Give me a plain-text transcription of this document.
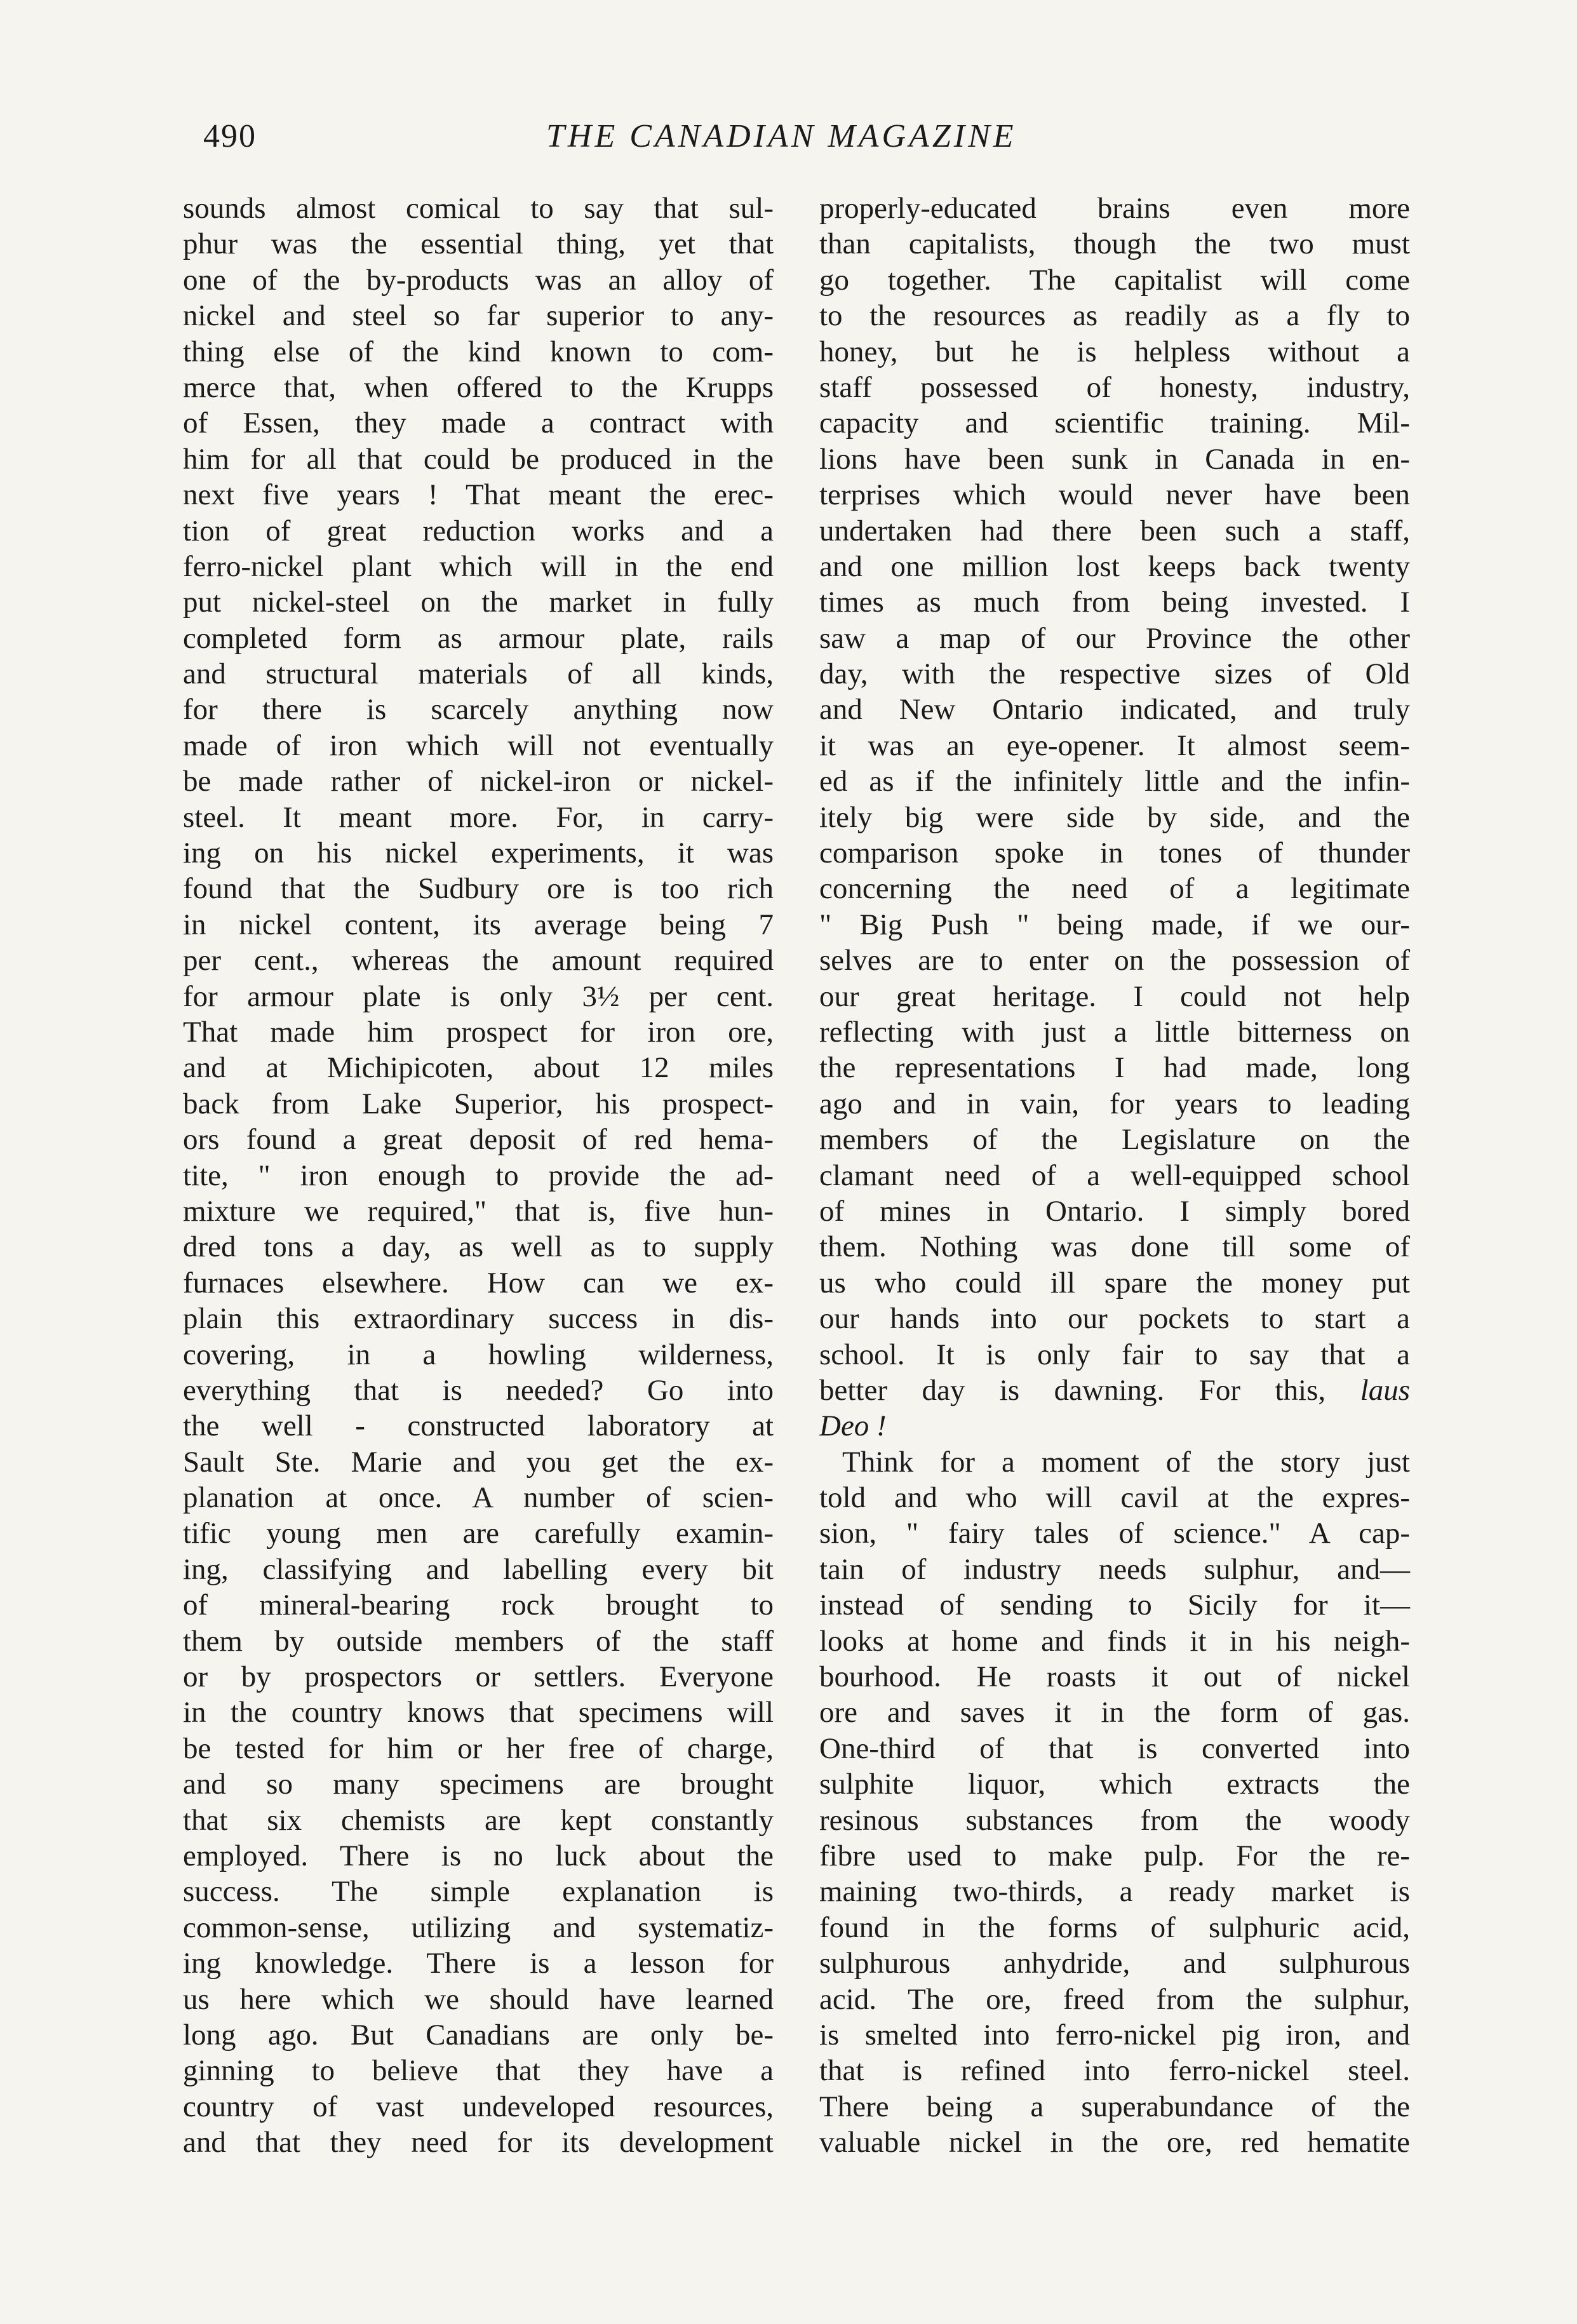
490	THE CANADIAN MAGAZINE
sounds almost comical to say that sul-
phur was the essential thing, yet that
one of the by-products was an alloy of
nickel and steel so far superior to any-
thing else of the kind known to com-
merce that, when offered to the Krupps
of Essen, they made a contract with
him for all that could be produced in the
next five years ! That meant the erec-
tion of great reduction works and a
ferro-nickel plant which will in the end
put nickel-steel on the market in fully
completed form as armour plate, rails
and structural materials of all kinds,
for there is scarcely anything now
made of iron which will not eventually
be made rather of nickel-iron or nickel-
steel. It meant more. For, in carry-
ing on his nickel experiments, it was
found that the Sudbury ore is too rich
in nickel content, its average being 7
per cent., whereas the amount required
for armour plate is only 3½ per cent.
That made him prospect for iron ore,
and at Michipicoten, about 12 miles
back from Lake Superior, his prospect-
ors found a great deposit of red hema-
tite, " iron enough to provide the ad-
mixture we required," that is, five hun-
dred tons a day, as well as to supply
furnaces elsewhere. How can we ex-
plain this extraordinary success in dis-
covering, in a howling wilderness,
everything that is needed? Go into
the well - constructed laboratory at
Sault Ste. Marie and you get the ex-
planation at once. A number of scien-
tific young men are carefully examin-
ing, classifying and labelling every bit
of mineral-bearing rock brought to
them by outside members of the staff
or by prospectors or settlers. Everyone
in the country knows that specimens will
be tested for him or her free of charge,
and so many specimens are brought
that six chemists are kept constantly
employed. There is no luck about the
success. The simple explanation is
common-sense, utilizing and systematiz-
ing knowledge. There is a lesson for
us here which we should have learned
long ago. But Canadians are only be-
ginning to believe that they have a
country of vast undeveloped resources,
and that they need for its development
properly-educated brains even more
than capitalists, though the two must
go together. The capitalist will come
to the resources as readily as a fly to
honey, but he is helpless without a
staff possessed of honesty, industry,
capacity and scientific training. Mil-
lions have been sunk in Canada in en-
terprises which would never have been
undertaken had there been such a staff,
and one million lost keeps back twenty
times as much from being invested. I
saw a map of our Province the other
day, with the respective sizes of Old
and New Ontario indicated, and truly
it was an eye-opener. It almost seem-
ed as if the infinitely little and the infin-
itely big were side by side, and the
comparison spoke in tones of thunder
concerning the need of a legitimate
" Big Push " being made, if we our-
selves are to enter on the possession of
our great heritage. I could not help
reflecting with just a little bitterness on
the representations I had made, long
ago and in vain, for years to leading
members of the Legislature on the
clamant need of a well-equipped school
of mines in Ontario. I simply bored
them. Nothing was done till some of
us who could ill spare the money put
our hands into our pockets to start a
school. It is only fair to say that a
better day is dawning. For this, laus
Deo !
Think for a moment of the story just
told and who will cavil at the expres-
sion, " fairy tales of science." A cap-
tain of industry needs sulphur, and—
instead of sending to Sicily for it—
looks at home and finds it in his neigh-
bourhood. He roasts it out of nickel
ore and saves it in the form of gas.
One-third of that is converted into
sulphite liquor, which extracts the
resinous substances from the woody
fibre used to make pulp. For the re-
maining two-thirds, a ready market is
found in the forms of sulphuric acid,
sulphurous anhydride, and sulphurous
acid. The ore, freed from the sulphur,
is smelted into ferro-nickel pig iron, and
that is refined into ferro-nickel steel.
There being a superabundance of the
valuable nickel in the ore, red hematite
